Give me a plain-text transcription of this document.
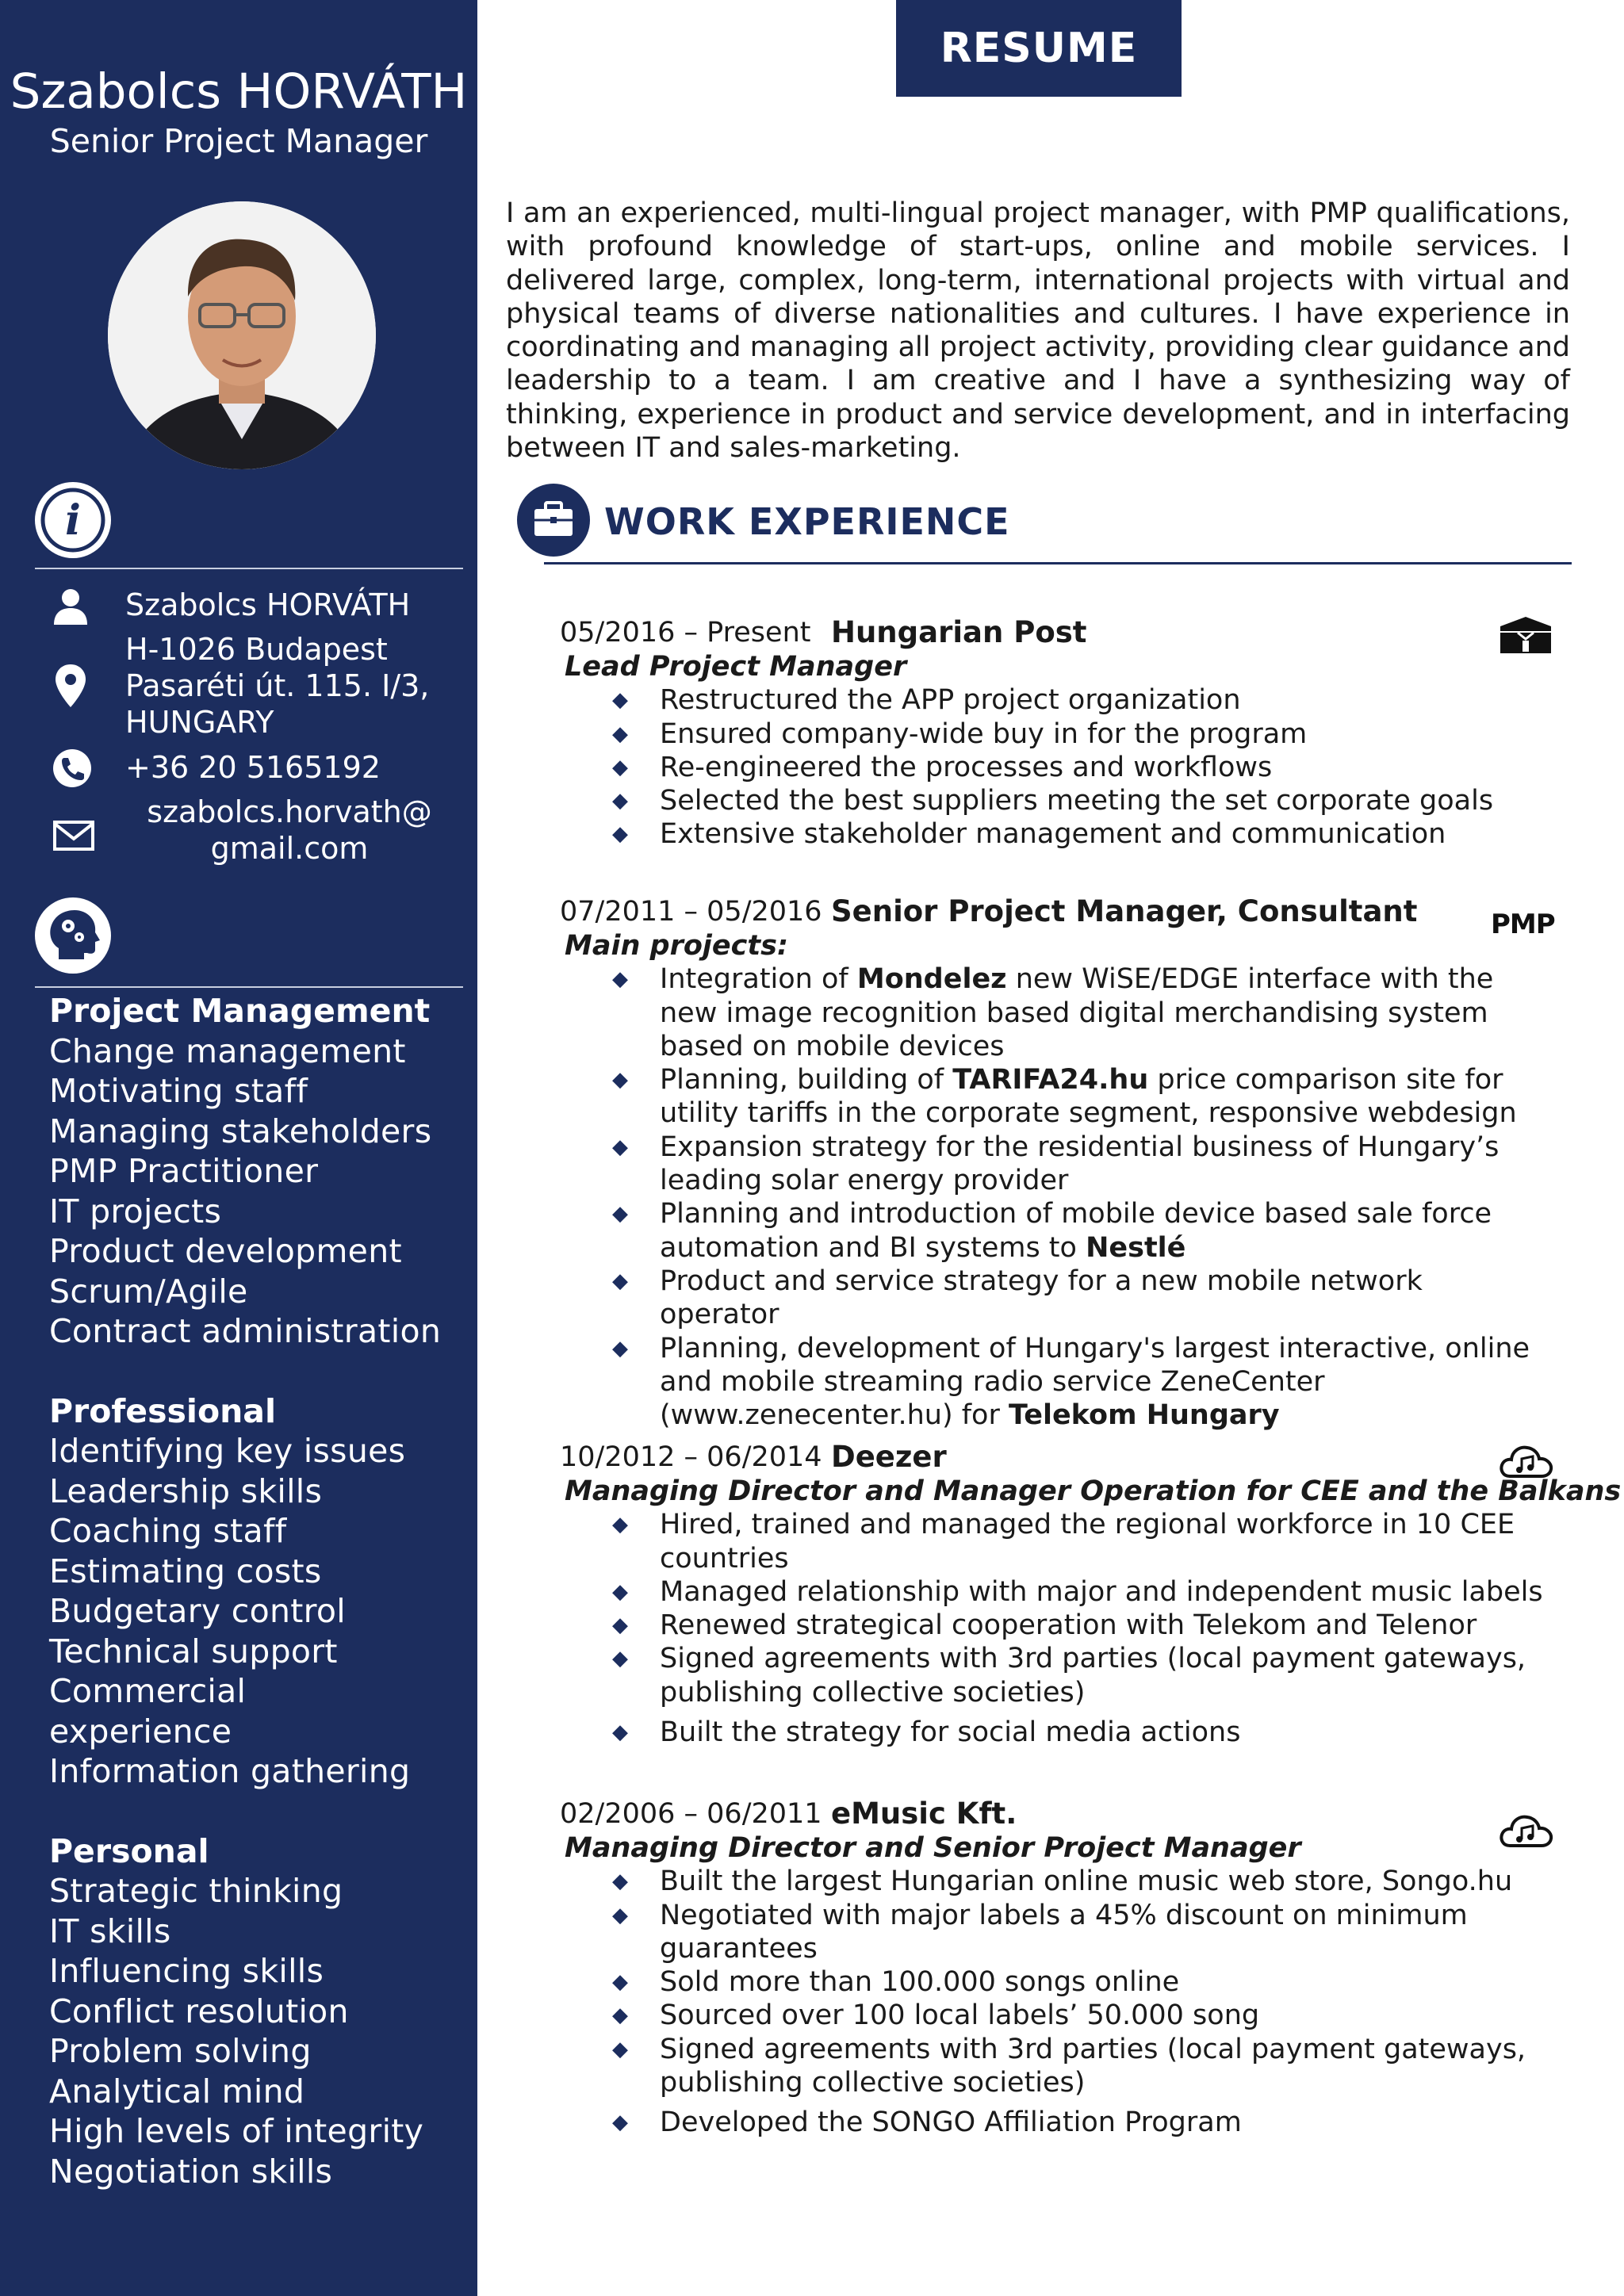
Szabolcs HORVÁTH
Senior Project Manager
i
Szabolcs HORVÁTH
H-1026 Budapest
Pasaréti út. 115. I/3,
HUNGARY
+36 20 5165192
szabolcs.horvath@
gmail.com
Project Management
Change management
Motivating staff
Managing stakeholders
PMP Practitioner
IT projects
Product development
Scrum/Agile
Contract administration
Professional
Identifying key issues
Leadership skills
Coaching staff
Estimating costs
Budgetary control
Technical support
Commercial
experience
Information gathering
Personal
Strategic thinking
IT skills
Influencing skills
Conflict resolution
Problem solving
Analytical mind
High levels of integrity
Negotiation skills
RESUME
I am an experienced, multi-lingual project manager, with PMP qualifications, with profound knowledge of start-ups, online and mobile services. I delivered large, complex, long-term, international projects with virtual and physical teams of diverse nationalities and cultures. I have experience in coordinating and managing all project activity, providing clear guidance and leadership to a team. I am creative and I have a synthesizing way of thinking, experience in product and service development, and in interfacing between IT and sales-marketing.
WORK EXPERIENCE
05/2016 – Present Hungarian Post
Lead Project Manager
◆ Restructured the APP project organization
◆ Ensured company-wide buy in for the program
◆ Re-engineered the processes and workflows
◆ Selected the best suppliers meeting the set corporate goals
◆ Extensive stakeholder management and communication
07/2011 – 05/2016 Senior Project Manager, Consultant
Main projects:
◆ Integration of Mondelez new WiSE/EDGE interface with the new image recognition based digital merchandising system based on mobile devices
◆ Planning, building of TARIFA24.hu price comparison site for utility tariffs in the corporate segment, responsive webdesign
◆ Expansion strategy for the residential business of Hungary’s leading solar energy provider
◆ Planning and introduction of mobile device based sale force automation and BI systems to Nestlé
◆ Product and service strategy for a new mobile network operator
◆ Planning, development of Hungary's largest interactive, online and mobile streaming radio service ZeneCenter (www.zenecenter.hu) for Telekom Hungary
PMP
10/2012 – 06/2014 Deezer
Managing Director and Manager Operation for CEE and the Balkans
◆ Hired, trained and managed the regional workforce in 10 CEE countries
◆ Managed relationship with major and independent music labels
◆ Renewed strategical cooperation with Telekom and Telenor
◆ Signed agreements with 3rd parties (local payment gateways, publishing collective societies)
◆ Built the strategy for social media actions
02/2006 – 06/2011 eMusic Kft.
Managing Director and Senior Project Manager
◆ Built the largest Hungarian online music web store, Songo.hu
◆ Negotiated with major labels a 45% discount on minimum guarantees
◆ Sold more than 100.000 songs online
◆ Sourced over 100 local labels’ 50.000 song
◆ Signed agreements with 3rd parties (local payment gateways, publishing collective societies)
◆ Developed the SONGO Affiliation Program
